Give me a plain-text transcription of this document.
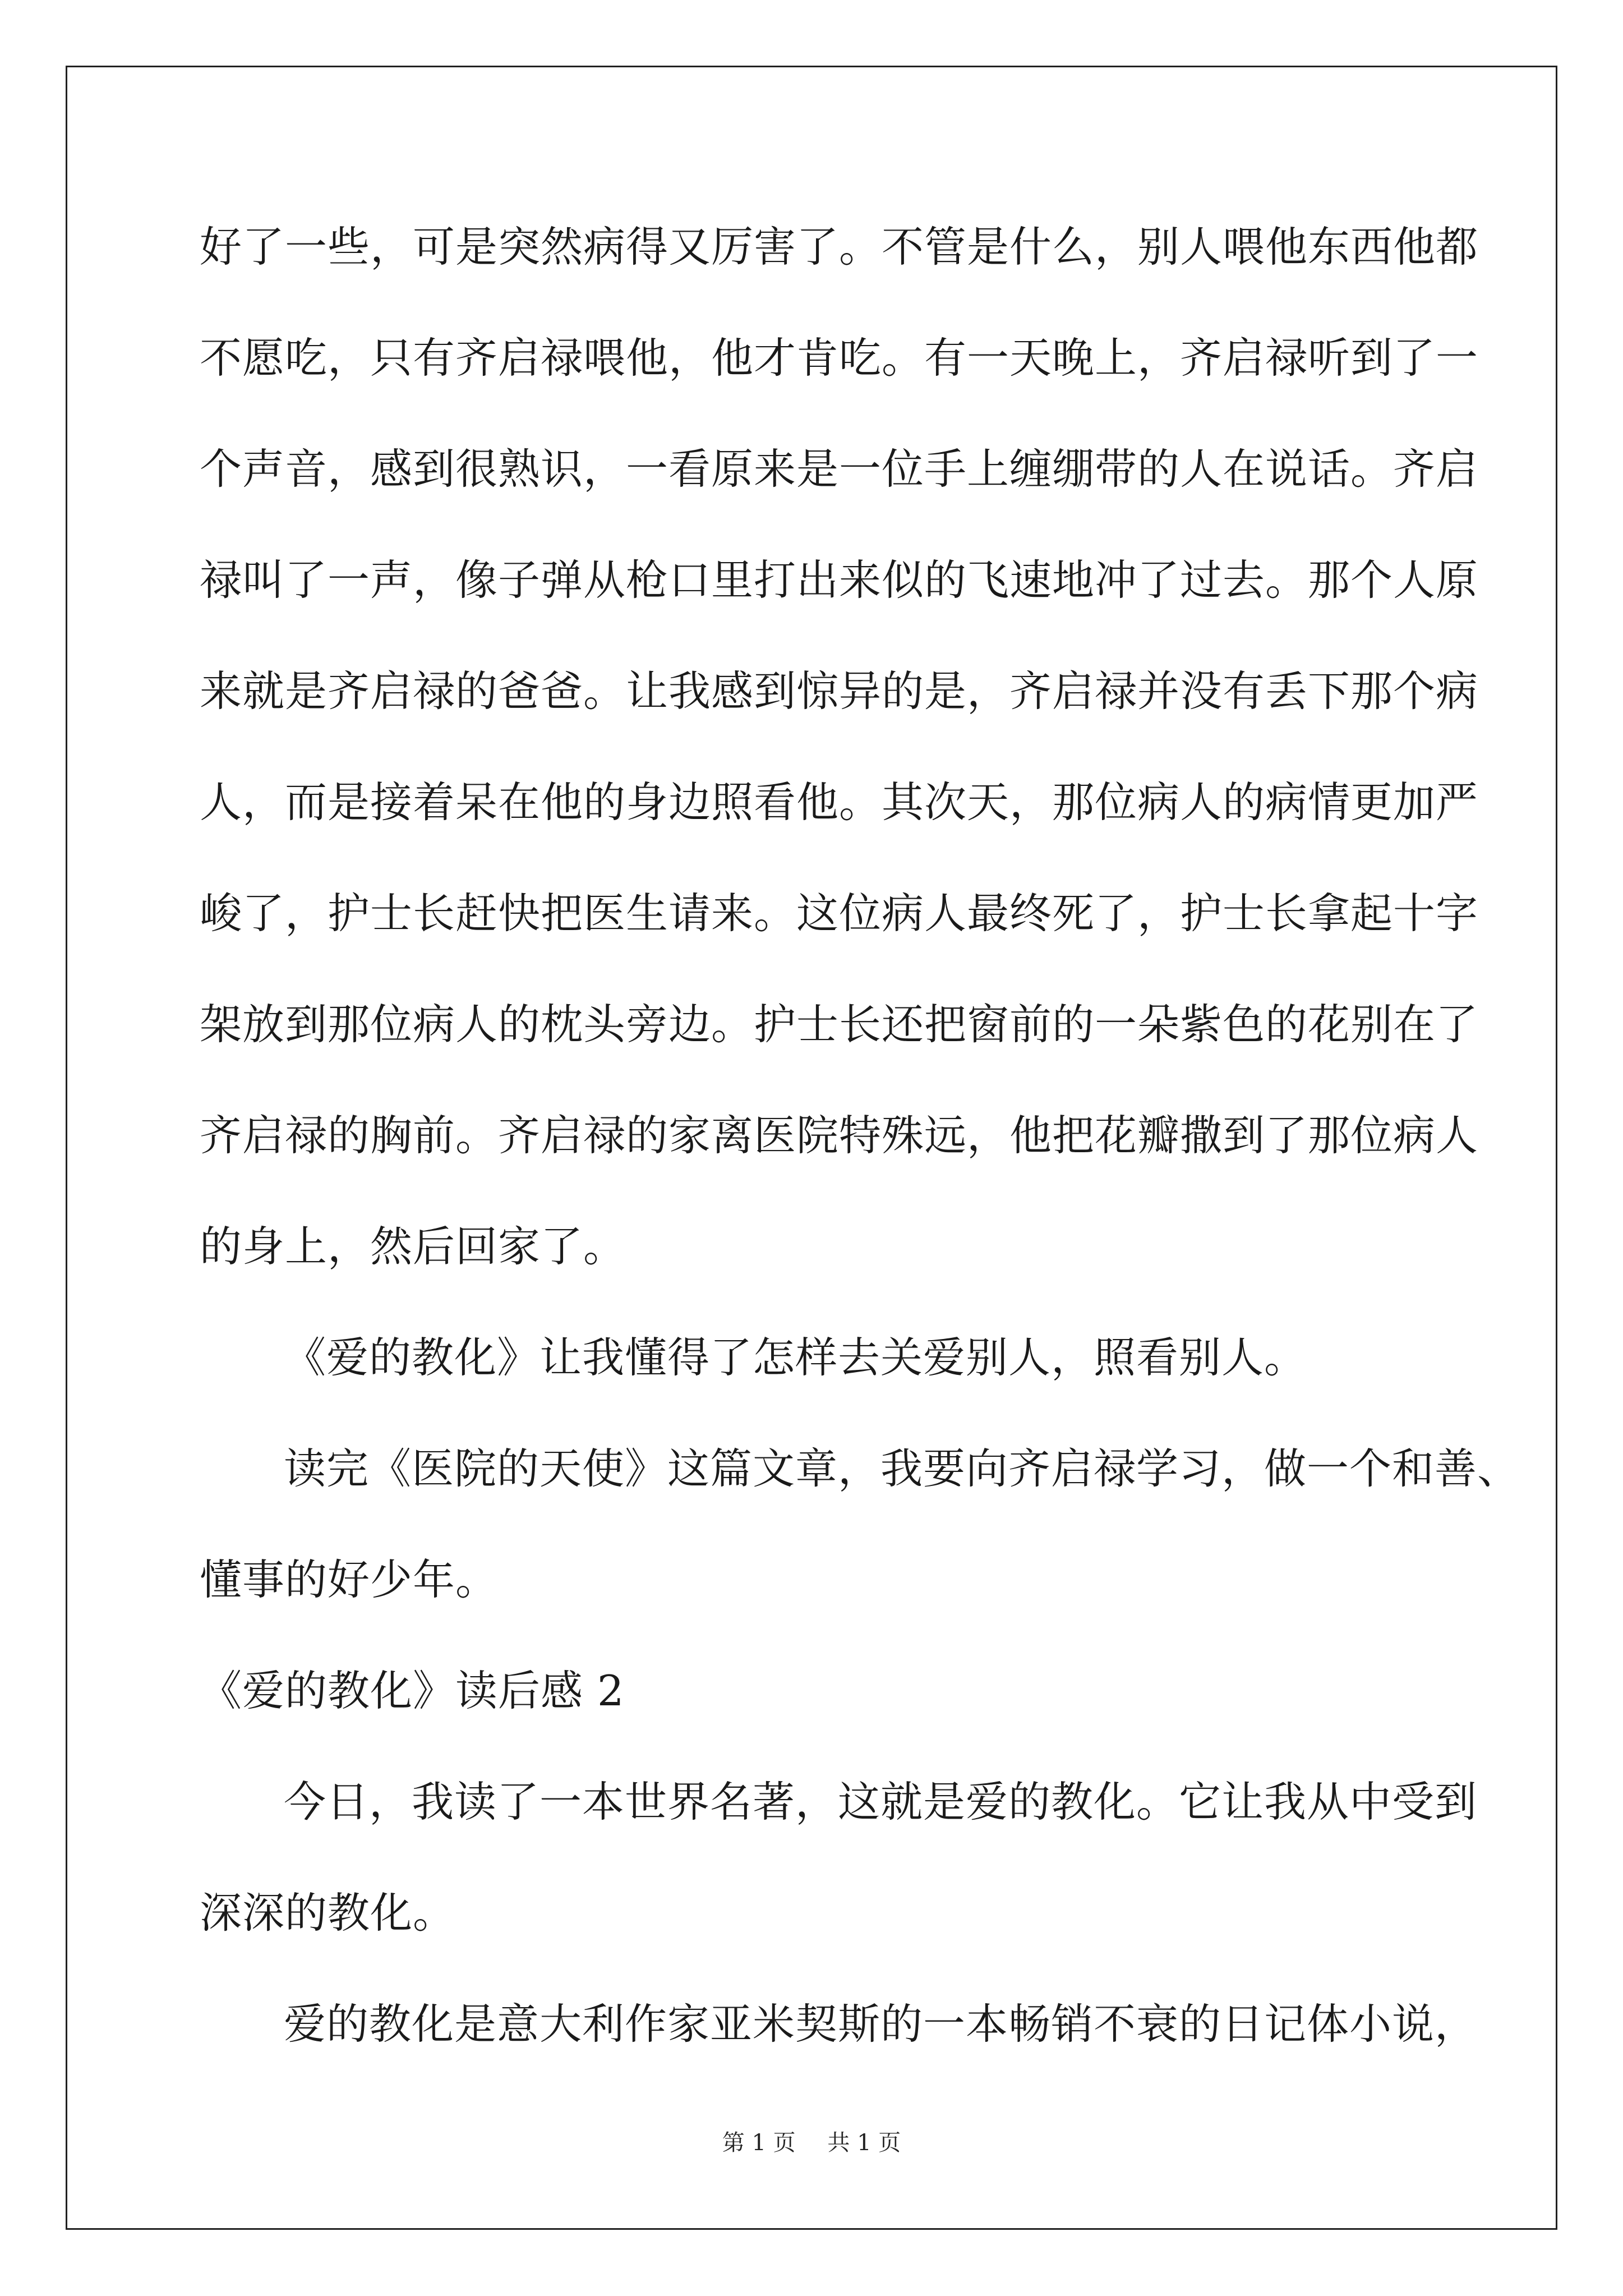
好了一些，可是突然病得又厉害了。不管是什么，别人喂他东西他都
不愿吃，只有齐启禄喂他，他才肯吃。有一天晚上，齐启禄听到了一
个声音，感到很熟识，一看原来是一位手上缠绷带的人在说话。齐启
禄叫了一声，像子弹从枪口里打出来似的飞速地冲了过去。那个人原
来就是齐启禄的爸爸。让我感到惊异的是，齐启禄并没有丢下那个病
人，而是接着呆在他的身边照看他。其次天，那位病人的病情更加严
峻了，护士长赶快把医生请来。这位病人最终死了，护士长拿起十字
架放到那位病人的枕头旁边。护士长还把窗前的一朵紫色的花别在了
齐启禄的胸前。齐启禄的家离医院特殊远，他把花瓣撒到了那位病人
的身上，然后回家了。
《爱的教化》让我懂得了怎样去关爱别人，照看别人。
读完《医院的天使》这篇文章，我要向齐启禄学习，做一个和善、
懂事的好少年。
《爱的教化》读后感 2
今日，我读了一本世界名著，这就是爱的教化。它让我从中受到
深深的教化。
爱的教化是意大利作家亚米契斯的一本畅销不衰的日记体小说，
第 1 页 共 1 页
